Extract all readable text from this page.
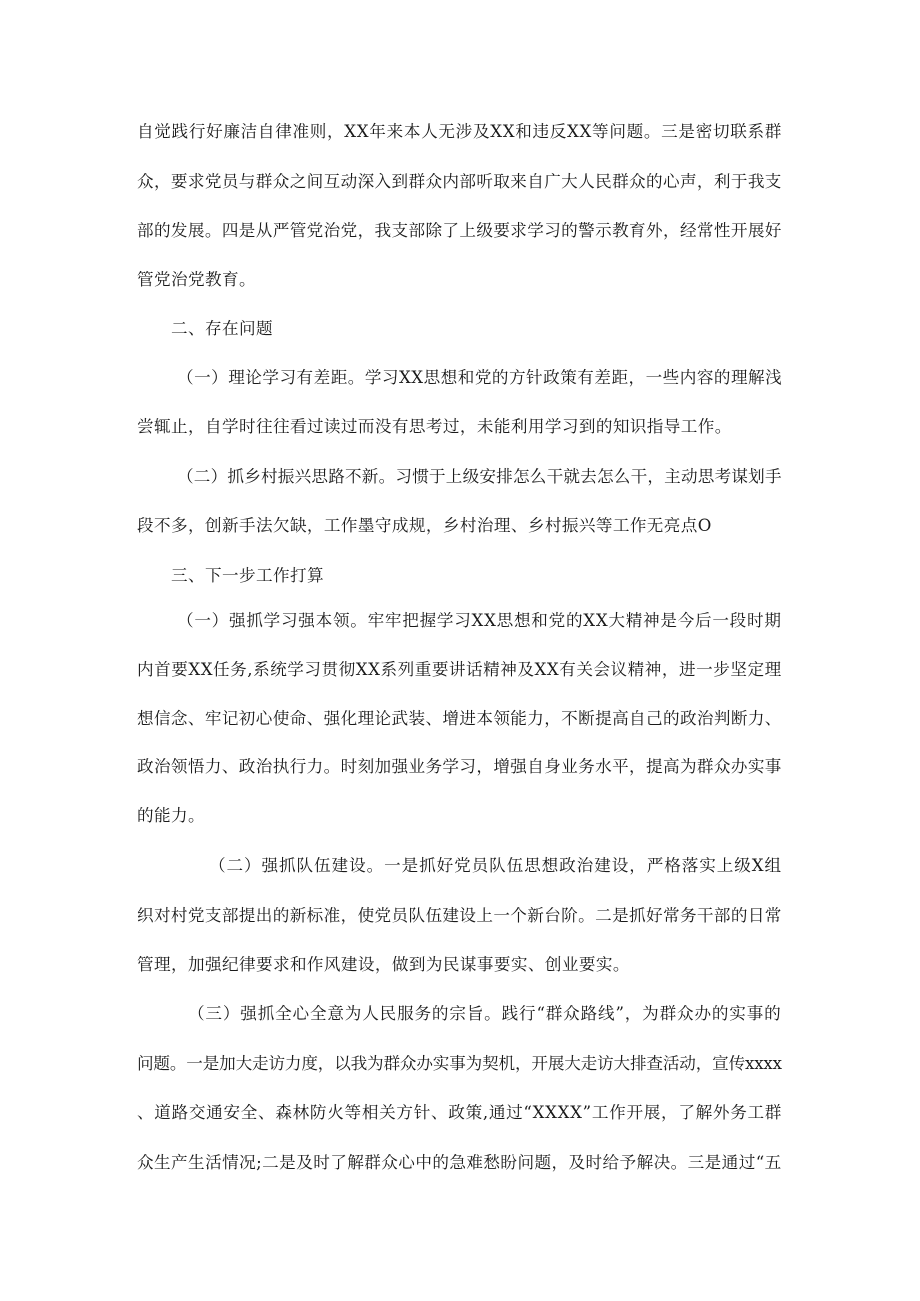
自觉践行好廉洁自律准则，XX年来本人无涉及XX和违反XX等问题。三是密切联系群
众，要求党员与群众之间互动深入到群众内部听取来自广大人民群众的心声，利于我支
部的发展。四是从严管党治党，我支部除了上级要求学习的警示教育外，经常性开展好
管党治党教育。
二、存在问题
（一）理论学习有差距。学习XX思想和党的方针政策有差距，一些内容的理解浅
尝辄止，自学时往往看过读过而没有思考过，未能利用学习到的知识指导工作。
（二）抓乡村振兴思路不新。习惯于上级安排怎么干就去怎么干，主动思考谋划手
段不多，创新手法欠缺，工作墨守成规，乡村治理、乡村振兴等工作无亮点O
三、下一步工作打算
（一）强抓学习强本领。牢牢把握学习XX思想和党的XX大精神是今后一段时期
内首要XX任务,系统学习贯彻XX系列重要讲话精神及XX有关会议精神，进一步坚定理
想信念、牢记初心使命、强化理论武装、增进本领能力，不断提高自己的政治判断力、
政治领悟力、政治执行力。时刻加强业务学习，增强自身业务水平，提高为群众办实事
的能力。
（二）强抓队伍建设。一是抓好党员队伍思想政治建设，严格落实上级X组
织对村党支部提出的新标准，使党员队伍建设上一个新台阶。二是抓好常务干部的日常
管理，加强纪律要求和作风建设，做到为民谋事要实、创业要实。
（三）强抓全心全意为人民服务的宗旨。践行“群众路线”，为群众办的实事的
问题。一是加大走访力度，以我为群众办实事为契机，开展大走访大排查活动，宣传xxxx
、道路交通安全、森林防火等相关方针、政策,通过“XXXX”工作开展，了解外务工群
众生产生活情况;二是及时了解群众心中的急难愁盼问题，及时给予解决。三是通过“五
